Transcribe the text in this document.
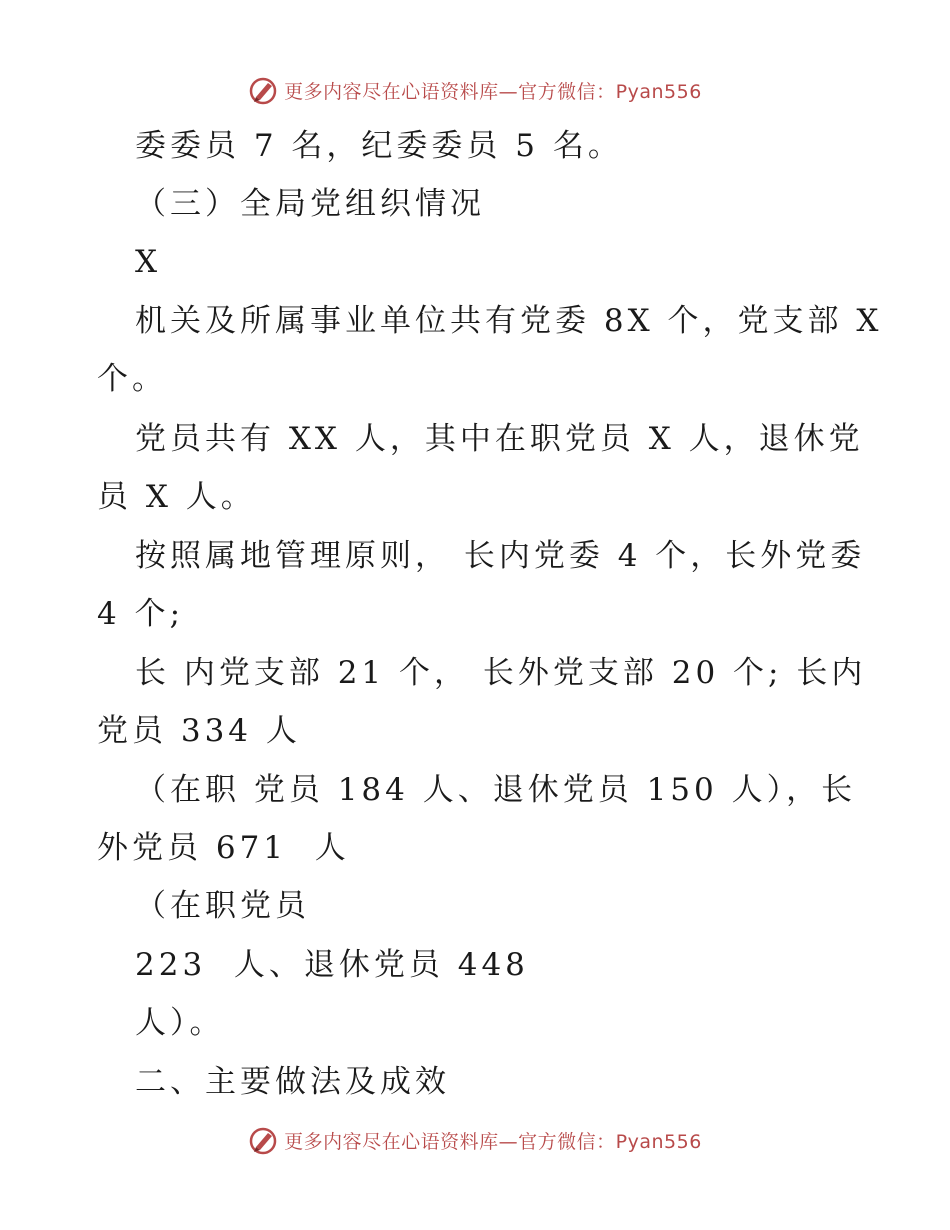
更多内容尽在心语资料库—官方微信：Pyan556
委委员 7 名，纪委委员 5 名。
（三）全局党组织情况
X
机关及所属事业单位共有党委 8X 个，党支部 X
个。
党员共有 XX 人，其中在职党员 X 人，退休党
员 X 人。
按照属地管理原则， 长内党委 4 个，长外党委
4 个;
长 内党支部 21 个， 长外党支部 20 个; 长内
党员 334 人
（在职 党员 184 人、退休党员 150 人），长
外党员 671  人
（在职党员
223  人、退休党员 448
人）。
二、主要做法及成效
更多内容尽在心语资料库—官方微信：Pyan556
